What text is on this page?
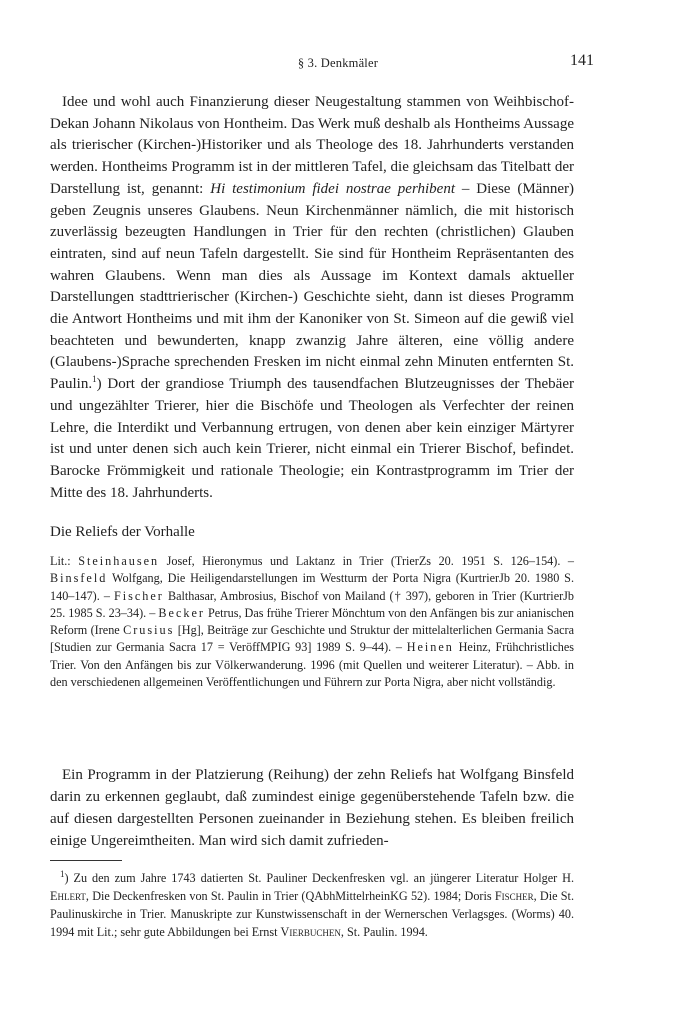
§ 3. Denkmäler	141

Idee und wohl auch Finanzierung dieser Neugestaltung stammen von Weihbischof-Dekan Johann Nikolaus von Hontheim. Das Werk muß deshalb als Hontheims Aussage als trierischer (Kirchen-)Historiker und als Theologe des 18. Jahrhunderts verstanden werden. Hontheims Programm ist in der mittleren Tafel, die gleichsam das Titelbatt der Darstellung ist, genannt: Hi testimonium fidei nostrae perhibent – Diese (Männer) geben Zeugnis unseres Glaubens. Neun Kirchenmänner nämlich, die mit historisch zuverlässig bezeugten Handlungen in Trier für den rechten (christlichen) Glauben eintraten, sind auf neun Tafeln dargestellt. Sie sind für Hontheim Repräsentanten des wahren Glaubens. Wenn man dies als Aussage im Kontext damals aktueller Darstellungen stadttrierischer (Kirchen-) Geschichte sieht, dann ist dieses Programm die Antwort Hontheims und mit ihm der Kanoniker von St. Simeon auf die gewiß viel beachteten und bewunderten, knapp zwanzig Jahre älteren, eine völlig andere (Glaubens-)Sprache sprechenden Fresken im nicht einmal zehn Minuten entfernten St. Paulin.$^1$) Dort der grandiose Triumph des tausendfachen Blutzeugnisses der Thebäer und ungezählter Trierer, hier die Bischöfe und Theologen als Verfechter der reinen Lehre, die Interdikt und Verbannung ertrugen, von denen aber kein einziger Märtyrer ist und unter denen sich auch kein Trierer, nicht einmal ein Trierer Bischof, befindet. Barocke Frömmigkeit und rationale Theologie; ein Kontrastprogramm im Trier der Mitte des 18. Jahrhunderts.

Die Reliefs der Vorhalle

Lit.: Steinhausen Josef, Hieronymus und Laktanz in Trier (TrierZs 20. 1951 S. 126–154). – Binsfeld Wolfgang, Die Heiligendarstellungen im Westturm der Porta Nigra (KurtrierJb 20. 1980 S. 140–147). – Fischer Balthasar, Ambrosius, Bischof von Mailand († 397), geboren in Trier (KurtrierJb 25. 1985 S. 23–34). – Becker Petrus, Das frühe Trierer Mönchtum von den Anfängen bis zur anianischen Reform (Irene Crusius [Hg], Beiträge zur Geschichte und Struktur der mittelalterlichen Germania Sacra [Studien zur Germania Sacra 17 = VeröffMPIG 93] 1989 S. 9–44). – Heinen Heinz, Frühchristliches Trier. Von den Anfängen bis zur Völkerwanderung. 1996 (mit Quellen und weiterer Literatur). – Abb. in den verschiedenen allgemeinen Veröffentlichungen und Führern zur Porta Nigra, aber nicht vollständig.

Ein Programm in der Platzierung (Reihung) der zehn Reliefs hat Wolfgang Binsfeld darin zu erkennen geglaubt, daß zumindest einige gegenüberstehende Tafeln bzw. die auf diesen dargestellten Personen zueinander in Beziehung stehen. Es bleiben freilich einige Ungereimtheiten. Man wird sich damit zufrieden-

$^1$) Zu den zum Jahre 1743 datierten St. Pauliner Deckenfresken vgl. an jüngerer Literatur Holger H. Ehlert, Die Deckenfresken von St. Paulin in Trier (QAbhMittelrheinKG 52). 1984; Doris Fischer, Die St. Paulinuskirche in Trier. Manuskripte zur Kunstwissenschaft in der Wernerschen Verlagsges. (Worms) 40. 1994 mit Lit.; sehr gute Abbildungen bei Ernst Vierbuchen, St. Paulin. 1994.
